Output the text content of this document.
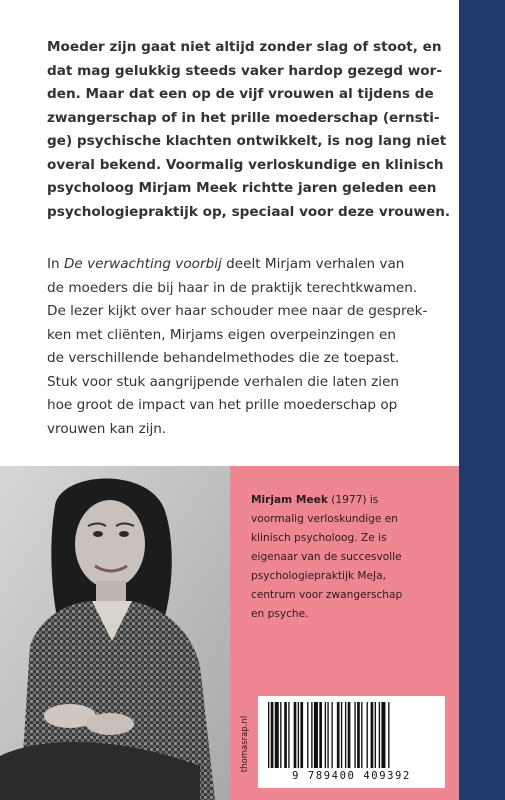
Moeder zijn gaat niet altijd zonder slag of stoot, en
dat mag gelukkig steeds vaker hardop gezegd wor-
den. Maar dat een op de vijf vrouwen al tijdens de
zwangerschap of in het prille moederschap (ernsti-
ge) psychische klachten ontwikkelt, is nog lang niet
overal bekend. Voormalig verloskundige en klinisch
psycholoog Mirjam Meek richtte jaren geleden een
psychologiepraktijk op, speciaal voor deze vrouwen.

In De verwachting voorbij deelt Mirjam verhalen van
de moeders die bij haar in de praktijk terechtkwamen.
De lezer kijkt over haar schouder mee naar de gesprek-
ken met cliënten, Mirjams eigen overpeinzingen en
de verschillende behandelmethodes die ze toepast.
Stuk voor stuk aangrijpende verhalen die laten zien
hoe groot de impact van het prille moederschap op
vrouwen kan zijn.

Mirjam Meek (1977) is
voormalig verloskundige en
klinisch psycholoog. Ze is
eigenaar van de succesvolle
psychologiepraktijk MeJa,
centrum voor zwangerschap
en psyche.
thomasrap.nl
9 789400 409392
